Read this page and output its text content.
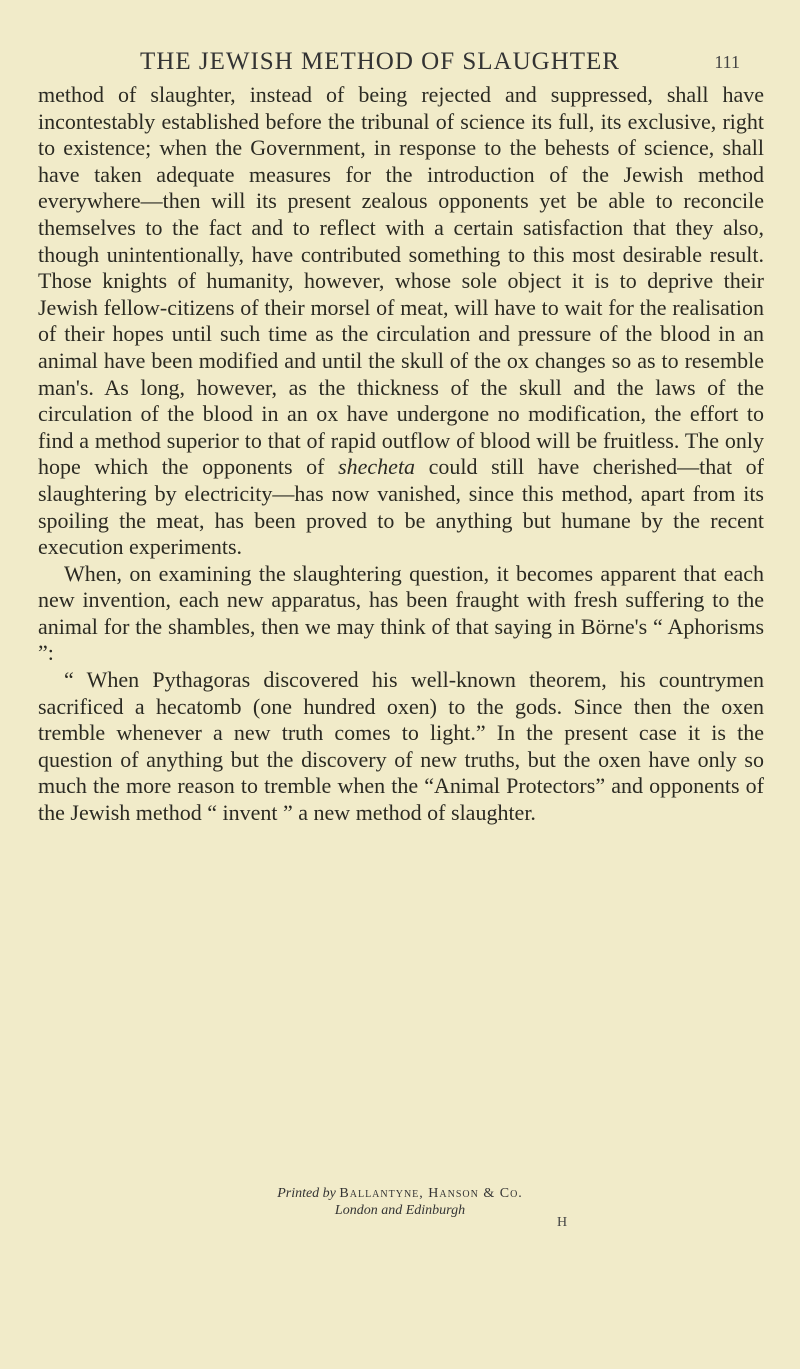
THE JEWISH METHOD OF SLAUGHTER	111

method of slaughter, instead of being rejected and suppressed, shall have incontestably established before the tribunal of science its full, its exclusive, right to existence; when the Government, in response to the behests of science, shall have taken adequate measures for the introduction of the Jewish method everywhere—then will its present zealous opponents yet be able to reconcile themselves to the fact and to reflect with a certain satisfaction that they also, though unintentionally, have contributed something to this most desirable result. Those knights of humanity, however, whose sole object it is to deprive their Jewish fellow-citizens of their morsel of meat, will have to wait for the realisation of their hopes until such time as the circulation and pressure of the blood in an animal have been modified and until the skull of the ox changes so as to resemble man's. As long, however, as the thickness of the skull and the laws of the circulation of the blood in an ox have undergone no modification, the effort to find a method superior to that of rapid outflow of blood will be fruitless. The only hope which the opponents of shecheta could still have cherished—that of slaughtering by electricity—has now vanished, since this method, apart from its spoiling the meat, has been proved to be anything but humane by the recent execution experiments.

When, on examining the slaughtering question, it becomes apparent that each new invention, each new apparatus, has been fraught with fresh suffering to the animal for the shambles, then we may think of that saying in Börne's “ Aphorisms ”:

“ When Pythagoras discovered his well-known theorem, his countrymen sacrificed a hecatomb (one hundred oxen) to the gods. Since then the oxen tremble whenever a new truth comes to light.” In the present case it is the question of anything but the discovery of new truths, but the oxen have only so much the more reason to tremble when the “Animal Protectors” and opponents of the Jewish method “ invent ” a new method of slaughter.

Printed by Ballantyne, Hanson & Co.
London and Edinburgh
H
